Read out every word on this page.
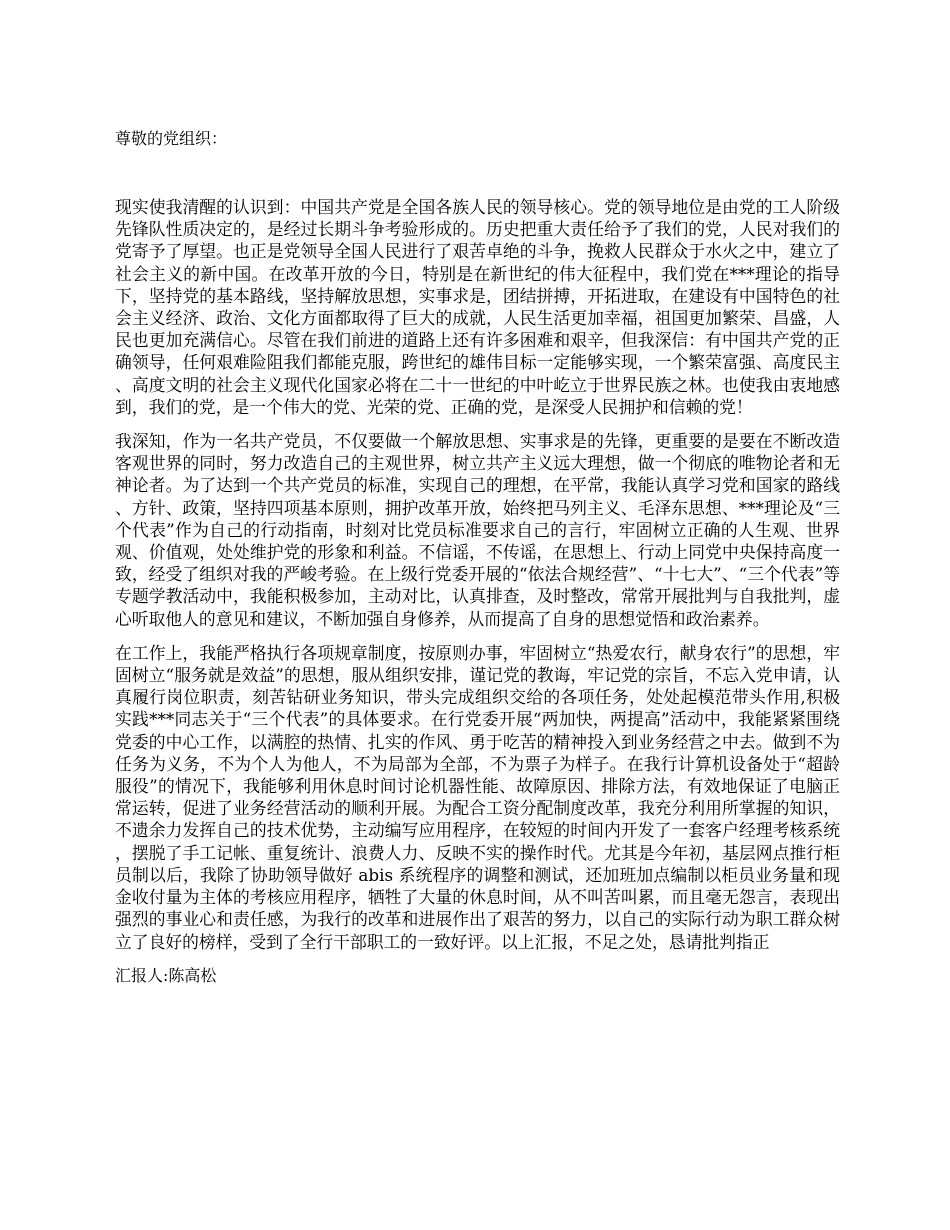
尊敬的党组织：

现实使我清醒的认识到：中国共产党是全国各族人民的领导核心。党的领导地位是由党的工人阶级先锋队性质决定的，是经过长期斗争考验形成的。历史把重大责任给予了我们的党，人民对我们的党寄予了厚望。也正是党领导全国人民进行了艰苦卓绝的斗争，挽救人民群众于水火之中，建立了社会主义的新中国。在改革开放的今日，特别是在新世纪的伟大征程中，我们党在***理论的指导下，坚持党的基本路线，坚持解放思想，实事求是，团结拼搏，开拓进取，在建设有中国特色的社会主义经济、政治、文化方面都取得了巨大的成就，人民生活更加幸福，祖国更加繁荣、昌盛，人民也更加充满信心。尽管在我们前进的道路上还有许多困难和艰辛，但我深信：有中国共产党的正确领导，任何艰难险阻我们都能克服，跨世纪的雄伟目标一定能够实现，一个繁荣富强、高度民主、高度文明的社会主义现代化国家必将在二十一世纪的中叶屹立于世界民族之林。也使我由衷地感到，我们的党，是一个伟大的党、光荣的党、正确的党，是深受人民拥护和信赖的党！

我深知，作为一名共产党员，不仅要做一个解放思想、实事求是的先锋，更重要的是要在不断改造客观世界的同时，努力改造自己的主观世界，树立共产主义远大理想，做一个彻底的唯物论者和无神论者。为了达到一个共产党员的标准，实现自己的理想，在平常，我能认真学习党和国家的路线、方针、政策，坚持四项基本原则，拥护改革开放，始终把马列主义、毛泽东思想、***理论及“三个代表”作为自己的行动指南，时刻对比党员标准要求自己的言行，牢固树立正确的人生观、世界观、价值观，处处维护党的形象和利益。不信谣，不传谣，在思想上、行动上同党中央保持高度一致，经受了组织对我的严峻考验。在上级行党委开展的“依法合规经营”、“十七大”、“三个代表”等专题学教活动中，我能积极参加，主动对比，认真排查，及时整改，常常开展批判与自我批判，虚心听取他人的意见和建议，不断加强自身修养，从而提高了自身的思想觉悟和政治素养。

在工作上，我能严格执行各项规章制度，按原则办事，牢固树立“热爱农行，献身农行”的思想，牢固树立“服务就是效益”的思想，服从组织安排，谨记党的教诲，牢记党的宗旨，不忘入党申请，认真履行岗位职责，刻苦钻研业务知识，带头完成组织交给的各项任务，处处起模范带头作用,积极实践***同志关于“三个代表”的具体要求。在行党委开展“两加快，两提高”活动中，我能紧紧围绕党委的中心工作，以满腔的热情、扎实的作风、勇于吃苦的精神投入到业务经营之中去。做到不为任务为义务，不为个人为他人，不为局部为全部，不为票子为样子。在我行计算机设备处于“超龄服役”的情况下，我能够利用休息时间讨论机器性能、故障原因、排除方法，有效地保证了电脑正常运转，促进了业务经营活动的顺利开展。为配合工资分配制度改革，我充分利用所掌握的知识，不遗余力发挥自己的技术优势，主动编写应用程序，在较短的时间内开发了一套客户经理考核系统，摆脱了手工记帐、重复统计、浪费人力、反映不实的操作时代。尤其是今年初，基层网点推行柜员制以后，我除了协助领导做好 abis 系统程序的调整和测试，还加班加点编制以柜员业务量和现金收付量为主体的考核应用程序，牺牲了大量的休息时间，从不叫苦叫累，而且毫无怨言，表现出强烈的事业心和责任感，为我行的改革和进展作出了艰苦的努力，以自己的实际行动为职工群众树立了良好的榜样，受到了全行干部职工的一致好评。以上汇报，不足之处，恳请批判指正

汇报人:陈高松
